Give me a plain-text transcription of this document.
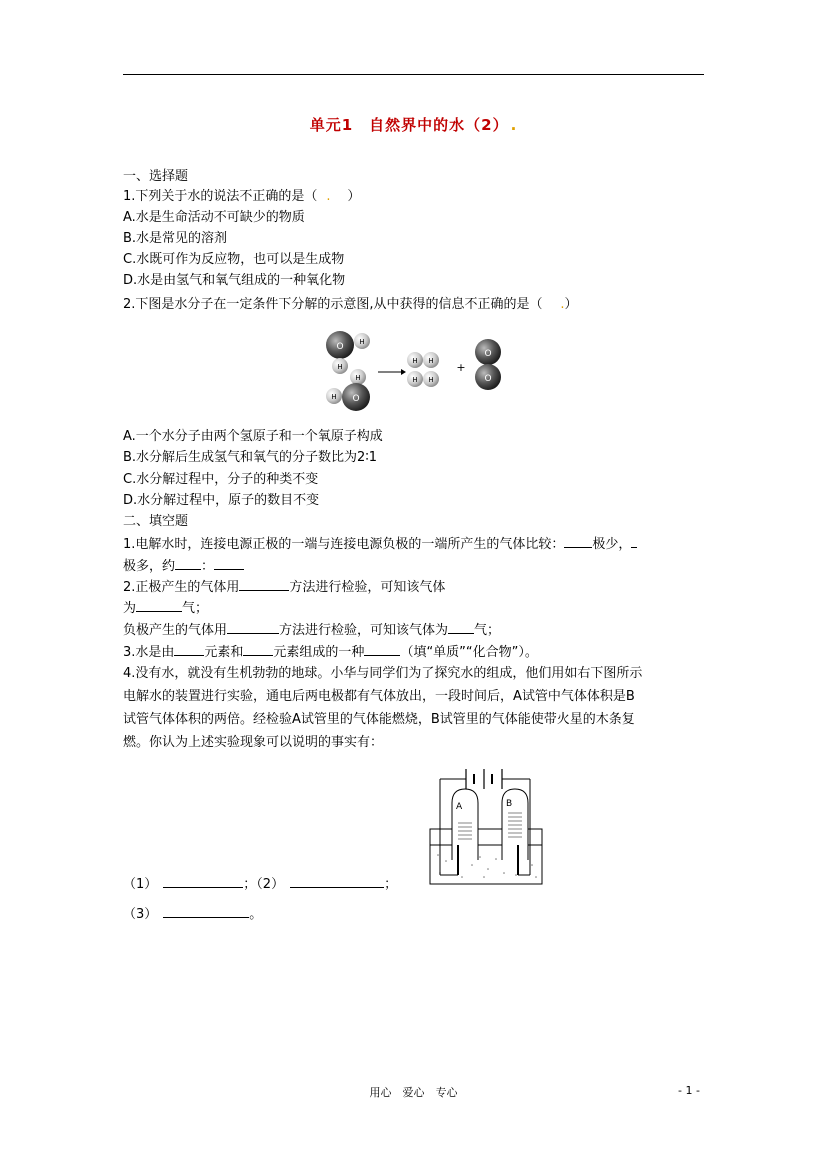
单元1　自然界中的水（2） .
一、选择题
1.下列关于水的说法不正确的是（ . ）
A.水是生命活动不可缺少的物质
B.水是常见的溶剂
C.水既可作为反应物，也可以是生成物
D.水是由氢气和氧气组成的一种氧化物
2.下图是水分子在一定条件下分解的示意图,从中获得的信息不正确的是（ .）
O H
H
H
H O
H H
H H
+
O
O
A.一个水分子由两个氢原子和一个氧原子构成
B.水分解后生成氢气和氧气的分子数比为2∶1
C.水分解过程中，分子的种类不变
D.水分解过程中，原子的数目不变
二、填空题
1.电解水时，连接电源正极的一端与连接电源负极的一端所产生的气体比较： 极少，
极多，约 ：
2.正极产生的气体用	方法进行检验，可知该气体
为	气；
负极产生的气体用	方法进行检验，可知该气体为 气；
3.水是由 元素和 元素组成的一种	（填“单质”“化合物”）。
4.没有水，就没有生机勃勃的地球。小华与同学们为了探究水的组成，他们用如右下图所示
电解水的装置进行实验，通电后两电极都有气体放出，一段时间后，A试管中气体体积是B
试管气体体积的两倍。经检验A试管里的气体能燃烧，B试管里的气体能使带火星的木条复
燃。你认为上述实验现象可以说明的事实有：
A	B
（1）	；（2）	；
（3）	。
用心　爱心　专心	- 1 -
